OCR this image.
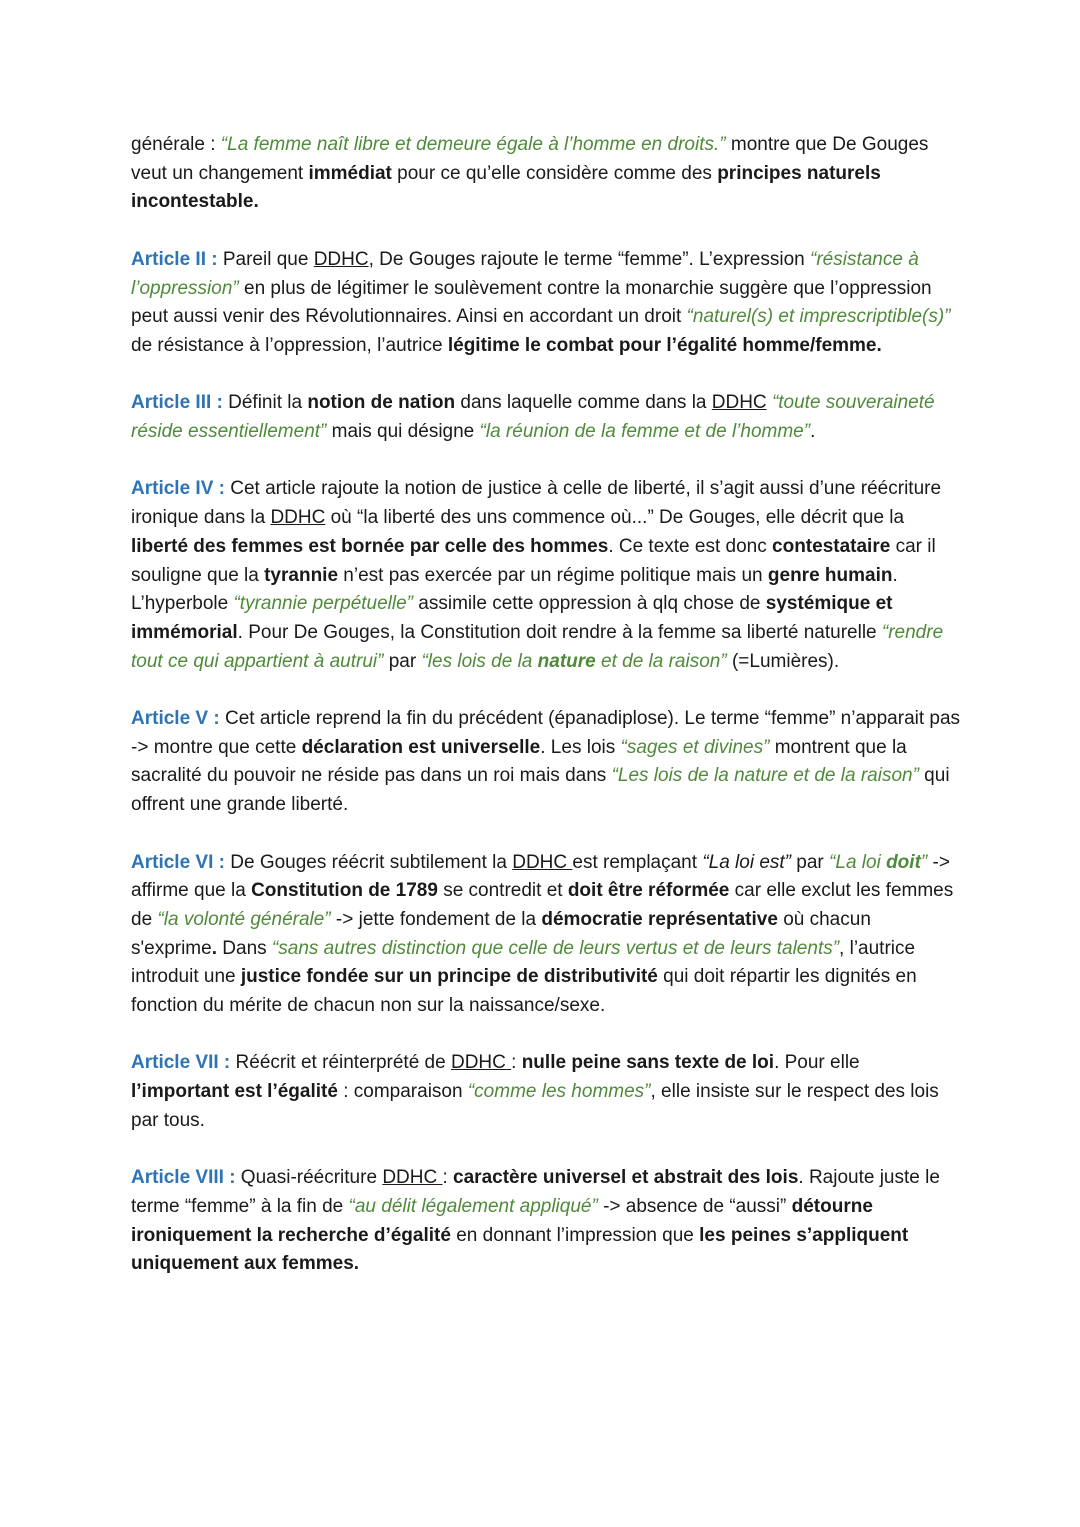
générale : “La femme naît libre et demeure égale à l’homme en droits.” montre que De Gouges veut un changement immédiat pour ce qu’elle considère comme des principes naturels incontestable.

Article II : Pareil que DDHC, De Gouges rajoute le terme “femme”. L’expression “résistance à l’oppression” en plus de légitimer le soulèvement contre la monarchie suggère que l’oppression peut aussi venir des Révolutionnaires. Ainsi en accordant un droit “naturel(s) et imprescriptible(s)” de résistance à l’oppression, l’autrice légitime le combat pour l’égalité homme/femme.

Article III : Définit la notion de nation dans laquelle comme dans la DDHC “toute souveraineté réside essentiellement” mais qui désigne “la réunion de la femme et de l’homme”.

Article IV : Cet article rajoute la notion de justice à celle de liberté, il s’agit aussi d’une réécriture ironique dans la DDHC où “la liberté des uns commence où...” De Gouges, elle décrit que la liberté des femmes est bornée par celle des hommes. Ce texte est donc contestataire car il souligne que la tyrannie n’est pas exercée par un régime politique mais un genre humain. L’hyperbole “tyrannie perpétuelle” assimile cette oppression à qlq chose de systémique et immémorial. Pour De Gouges, la Constitution doit rendre à la femme sa liberté naturelle “rendre tout ce qui appartient à autrui” par “les lois de la nature et de la raison” (=Lumières).

Article V : Cet article reprend la fin du précédent (épanadiplose). Le terme “femme” n’apparait pas -> montre que cette déclaration est universelle. Les lois “sages et divines” montrent que la sacralité du pouvoir ne réside pas dans un roi mais dans “Les lois de la nature et de la raison” qui offrent une grande liberté.

Article VI : De Gouges réécrit subtilement la DDHC est remplaçant “La loi est” par “La loi doit” -> affirme que la Constitution de 1789 se contredit et doit être réformée car elle exclut les femmes de “la volonté générale” -> jette fondement de la démocratie représentative où chacun s'exprime. Dans “sans autres distinction que celle de leurs vertus et de leurs talents”, l’autrice introduit une justice fondée sur un principe de distributivité qui doit répartir les dignités en fonction du mérite de chacun non sur la naissance/sexe.

Article VII : Réécrit et réinterprété de DDHC : nulle peine sans texte de loi. Pour elle l’important est l’égalité : comparaison “comme les hommes”, elle insiste sur le respect des lois par tous.

Article VIII : Quasi-réécriture DDHC : caractère universel et abstrait des lois. Rajoute juste le terme “femme” à la fin de “au délit légalement appliqué” -> absence de “aussi” détourne ironiquement la recherche d’égalité en donnant l’impression que les peines s’appliquent uniquement aux femmes.
